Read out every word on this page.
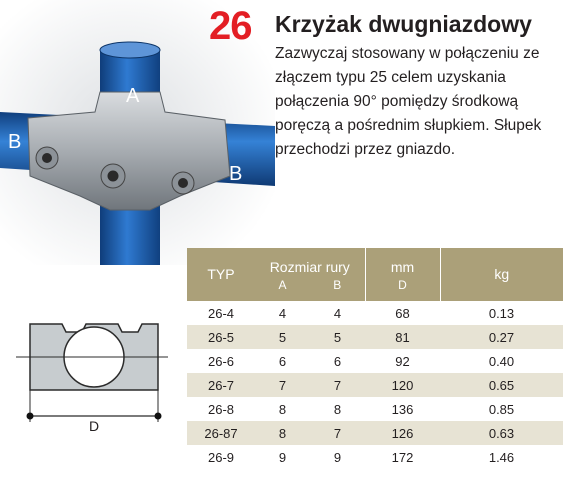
A
B
B
26 Krzyżak dwugniazdowy
Zazwyczaj stosowany w połączeniu ze złączem typu 25 celem uzyskania połączenia 90° pomiędzy środkową poręczą a pośrednim słupkiem. Słupek przechodzi przez gniazdo.
D
TYP	Rozmiar rury		mm	kg
	A	B	D	
26-4	4	4	68	0.13
26-5	5	5	81	0.27
26-6	6	6	92	0.40
26-7	7	7	120	0.65
26-8	8	8	136	0.85
26-87	8	7	126	0.63
26-9	9	9	172	1.46
